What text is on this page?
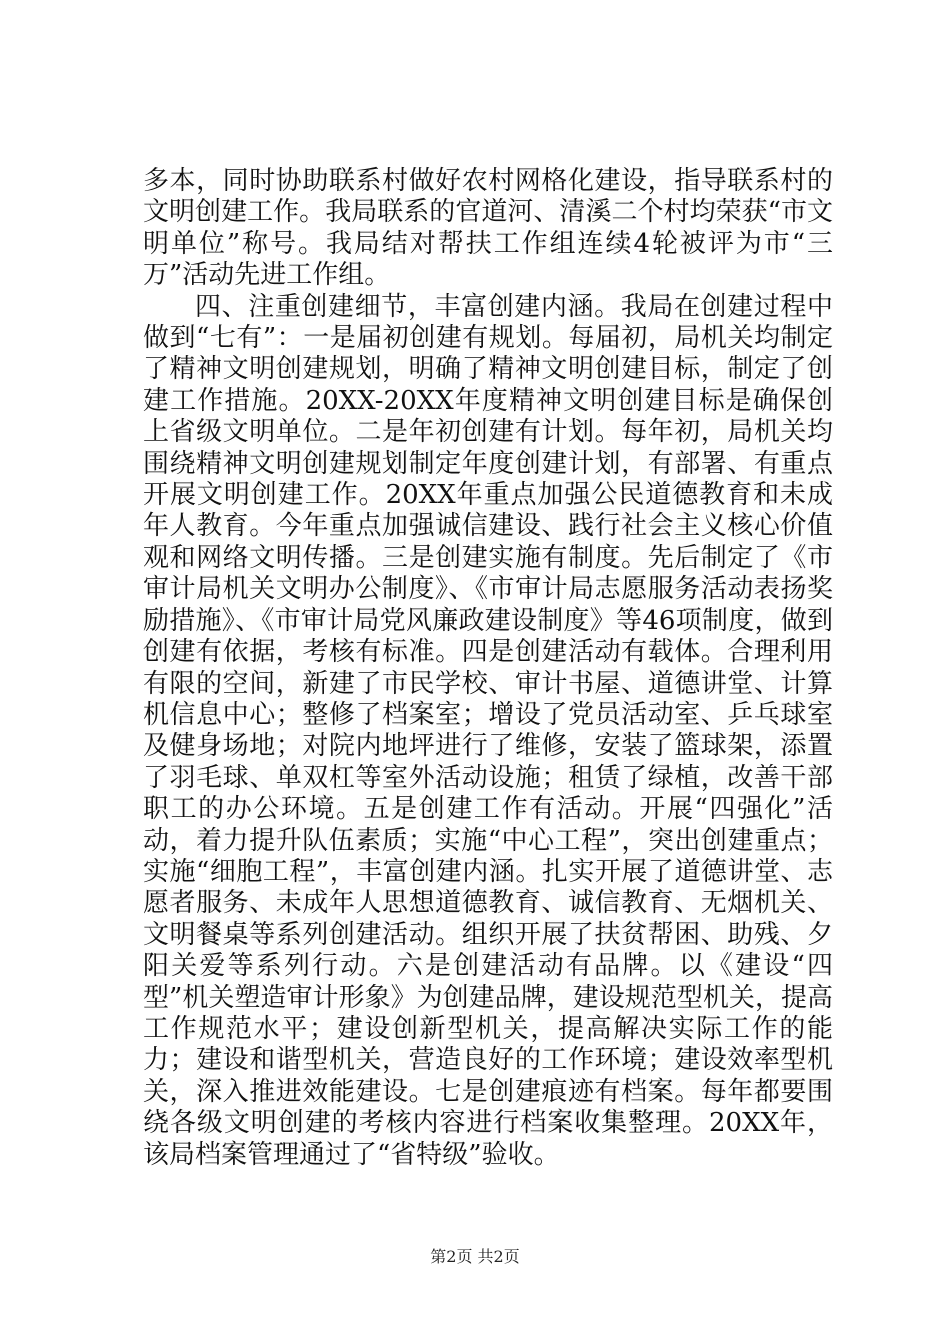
多本，同时协助联系村做好农村网格化建设，指导联系村的文明创建工作。我局联系的官道河、清溪二个村均荣获“市文明单位”称号。我局结对帮扶工作组连续4轮被评为市“三万”活动先进工作组。

四、注重创建细节，丰富创建内涵。我局在创建过程中做到“七有”：一是届初创建有规划。每届初，局机关均制定了精神文明创建规划，明确了精神文明创建目标，制定了创建工作措施。20XX-20XX年度精神文明创建目标是确保创上省级文明单位。二是年初创建有计划。每年初，局机关均围绕精神文明创建规划制定年度创建计划，有部署、有重点开展文明创建工作。20XX年重点加强公民道德教育和未成年人教育。今年重点加强诚信建设、践行社会主义核心价值观和网络文明传播。三是创建实施有制度。先后制定了《市审计局机关文明办公制度》、《市审计局志愿服务活动表扬奖励措施》、《市审计局党风廉政建设制度》等46项制度，做到创建有依据，考核有标准。四是创建活动有载体。合理利用有限的空间，新建了市民学校、审计书屋、道德讲堂、计算机信息中心；整修了档案室；增设了党员活动室、乒乓球室及健身场地；对院内地坪进行了维修，安装了篮球架，添置了羽毛球、单双杠等室外活动设施；租赁了绿植，改善干部职工的办公环境。五是创建工作有活动。开展“四强化”活动，着力提升队伍素质；实施“中心工程”，突出创建重点；实施“细胞工程”，丰富创建内涵。扎实开展了道德讲堂、志愿者服务、未成年人思想道德教育、诚信教育、无烟机关、文明餐桌等系列创建活动。组织开展了扶贫帮困、助残、夕阳关爱等系列行动。六是创建活动有品牌。以《建设“四型”机关塑造审计形象》为创建品牌，建设规范型机关，提高工作规范水平；建设创新型机关，提高解决实际工作的能力；建设和谐型机关，营造良好的工作环境；建设效率型机关，深入推进效能建设。七是创建痕迹有档案。每年都要围绕各级文明创建的考核内容进行档案收集整理。20XX年，该局档案管理通过了“省特级”验收。

第2页 共2页
